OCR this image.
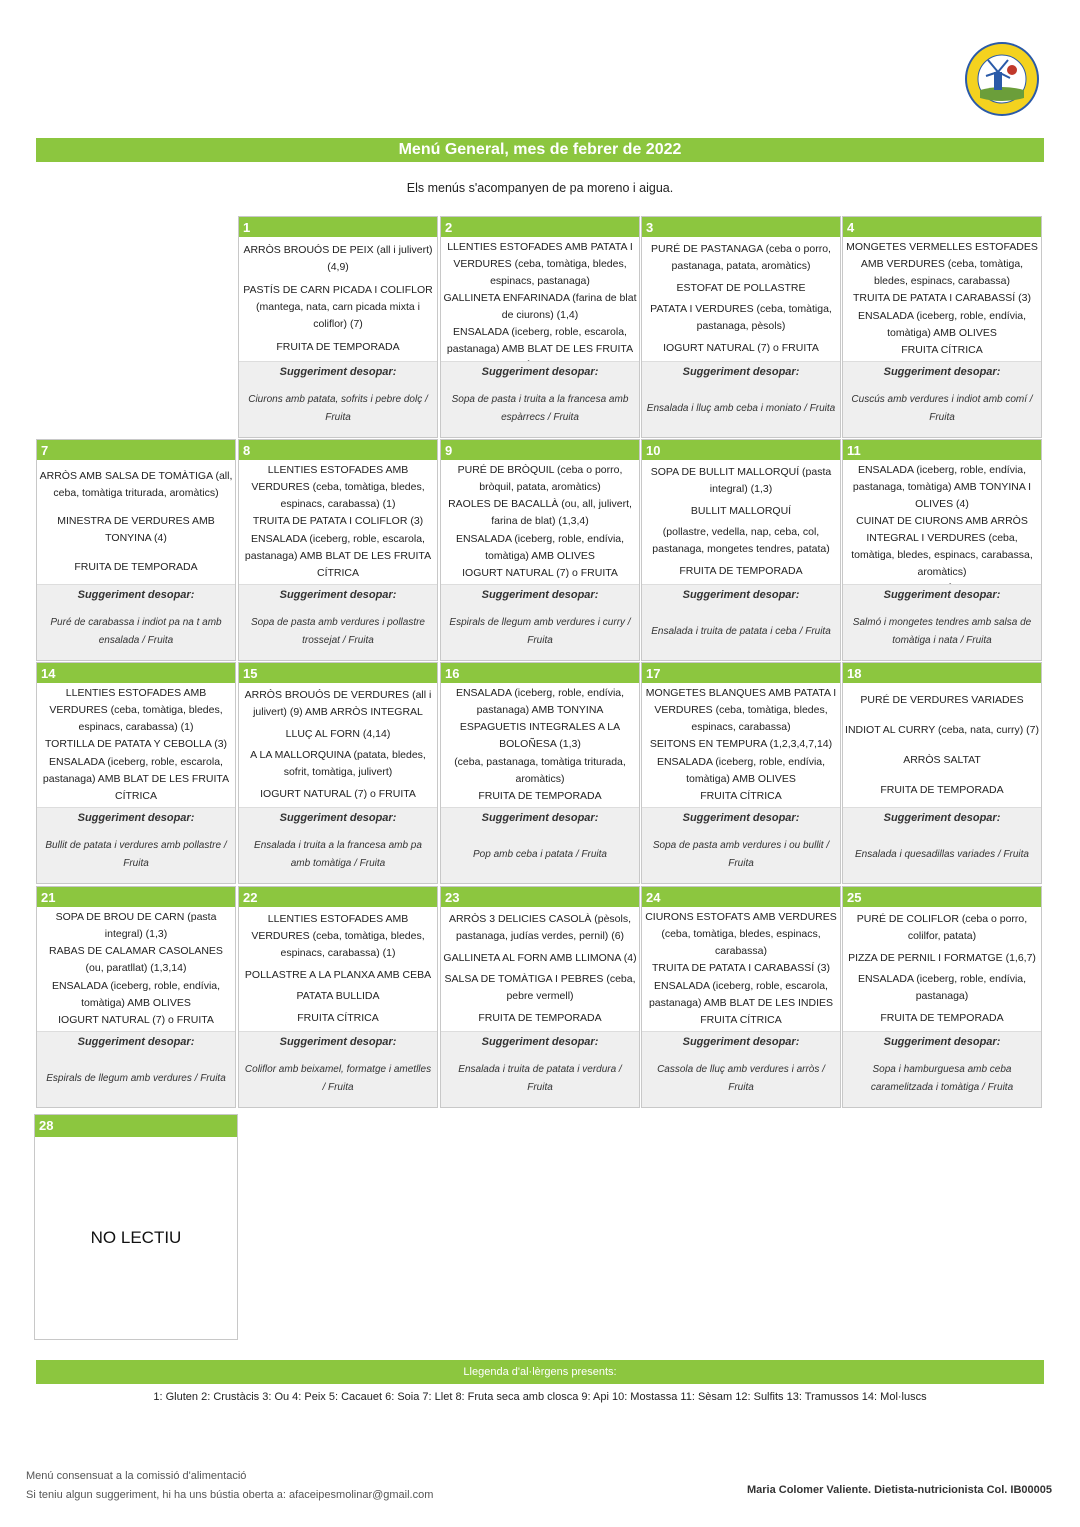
Menú General, mes de febrer de 2022
Els menús s'acompanyen de pa moreno i aigua.
1
ARRÒS BROUÓS DE PEIX (all i julivert) (4,9)
PASTÍS DE CARN PICADA I COLIFLOR (mantega, nata, carn picada mixta i coliflor) (7)
FRUITA DE TEMPORADA
Suggeriment desopar:
Ciurons amb patata, sofrits i pebre dolç / Fruita
2
LLENTIES ESTOFADES AMB PATATA I VERDURES (ceba, tomàtiga, bledes, espinacs, pastanaga)
GALLINETA ENFARINADA (farina de blat de ciurons) (1,4)
ENSALADA (iceberg, roble, escarola, pastanaga) AMB BLAT DE LES FRUITA
Suggeriment desopar:
Sopa de pasta i truita a la francesa amb espàrrecs / Fruita
3
PURÉ DE PASTANAGA (ceba o porro, pastanaga, patata, aromàtics)
ESTOFAT DE POLLASTRE
PATATA I VERDURES (ceba, tomàtiga, pastanaga, pèsols)
IOGURT NATURAL (7) o FRUITA
Suggeriment desopar:
Ensalada i lluç amb ceba i moniato / Fruita
4
MONGETES VERMELLES ESTOFADES AMB VERDURES (ceba, tomàtiga, bledes, espinacs, carabassa)
TRUITA DE PATATA I CARABASSÍ (3)
ENSALADA (iceberg, roble, endívia, tomàtiga) AMB OLIVES
FRUITA CÍTRICA
Suggeriment desopar:
Cuscús amb verdures i indiot amb comí / Fruita
7
ARRÒS AMB SALSA DE TOMÀTIGA (all, ceba, tomàtiga triturada, aromàtics)
MINESTRA DE VERDURES AMB TONYINA (4)
FRUITA DE TEMPORADA
Suggeriment desopar:
Puré de carabassa i indiot pa na t amb ensalada / Fruita
8
LLENTIES ESTOFADES AMB VERDURES (ceba, tomàtiga, bledes, espinacs, carabassa) (1)
TRUITA DE PATATA I COLIFLOR (3)
ENSALADA (iceberg, roble, escarola, pastanaga) AMB BLAT DE LES FRUITA CÍTRICA
Suggeriment desopar:
Sopa de pasta amb verdures i pollastre trossejat / Fruita
9
PURÉ DE BRÒQUIL (ceba o porro, bròquil, patata, aromàtics)
RAOLES DE BACALLÀ (ou, all, julivert, farina de blat) (1,3,4)
ENSALADA (iceberg, roble, endívia, tomàtiga) AMB OLIVES
IOGURT NATURAL (7) o FRUITA
Suggeriment desopar:
Espirals de llegum amb verdures i curry / Fruita
10
SOPA DE BULLIT MALLORQUÍ (pasta integral) (1,3)
BULLIT MALLORQUÍ
(pollastre, vedella, nap, ceba, col, pastanaga, mongetes tendres, patata)
FRUITA DE TEMPORADA
Suggeriment desopar:
Ensalada i truita de patata i ceba / Fruita
11
ENSALADA (iceberg, roble, endívia, pastanaga, tomàtiga) AMB TONYINA I OLIVES (4)
CUINAT DE CIURONS AMB ARRÒS INTEGRAL I VERDURES (ceba, tomàtiga, bledes, espinacs, carabassa, aromàtics)
Suggeriment desopar:
Salmó i mongetes tendres amb salsa de tomàtiga i nata / Fruita
14
LLENTIES ESTOFADES AMB VERDURES (ceba, tomàtiga, bledes, espinacs, carabassa) (1)
TORTILLA DE PATATA Y CEBOLLA (3)
ENSALADA (iceberg, roble, escarola, pastanaga) AMB BLAT DE LES FRUITA CÍTRICA
Suggeriment desopar:
Bullit de patata i verdures amb pollastre / Fruita
15
ARRÒS BROUÓS DE VERDURES (all i julivert) (9) AMB ARRÒS INTEGRAL
LLUÇ AL FORN (4,14)
A LA MALLORQUINA (patata, bledes, sofrit, tomàtiga, julivert)
IOGURT NATURAL (7) o FRUITA
Suggeriment desopar:
Ensalada i truita a la francesa amb pa amb tomàtiga / Fruita
16
ENSALADA (iceberg, roble, endívia, pastanaga) AMB TONYINA
ESPAGUETIS INTEGRALES A LA BOLOÑESA (1,3)
(ceba, pastanaga, tomàtiga triturada, aromàtics)
FRUITA DE TEMPORADA
Suggeriment desopar:
Pop amb ceba i patata / Fruita
17
MONGETES BLANQUES AMB PATATA I VERDURES (ceba, tomàtiga, bledes, espinacs, carabassa)
SEITONS EN TEMPURA (1,2,3,4,7,14)
ENSALADA (iceberg, roble, endívia, tomàtiga) AMB OLIVES
FRUITA CÍTRICA
Suggeriment desopar:
Sopa de pasta amb verdures i ou bullit / Fruita
18
PURÉ DE VERDURES VARIADES
INDIOT AL CURRY (ceba, nata, curry) (7)
ARRÒS SALTAT
FRUITA DE TEMPORADA
Suggeriment desopar:
Ensalada i quesadillas variades / Fruita
21
SOPA DE BROU DE CARN (pasta integral) (1,3)
RABAS DE CALAMAR CASOLANES (ou, paratllat) (1,3,14)
ENSALADA (iceberg, roble, endívia, tomàtiga) AMB OLIVES
IOGURT NATURAL (7) o FRUITA
Suggeriment desopar:
Espirals de llegum amb verdures / Fruita
22
LLENTIES ESTOFADES AMB VERDURES (ceba, tomàtiga, bledes, espinacs, carabassa) (1)
POLLASTRE A LA PLANXA AMB CEBA
PATATA BULLIDA
FRUITA CÍTRICA
Suggeriment desopar:
Coliflor amb beixamel, formatge i ametlles / Fruita
23
ARRÒS 3 DELICIES CASOLÀ (pèsols, pastanaga, judías verdes, pernil) (6)
GALLINETA AL FORN AMB LLIMONA (4)
SALSA DE TOMÀTIGA I PEBRES (ceba, pebre vermell)
FRUITA DE TEMPORADA
Suggeriment desopar:
Ensalada i truita de patata i verdura / Fruita
24
CIURONS ESTOFATS AMB VERDURES (ceba, tomàtiga, bledes, espinacs, carabassa)
TRUITA DE PATATA I CARABASSÍ (3)
ENSALADA (iceberg, roble, escarola, pastanaga) AMB BLAT DE LES INDIES
FRUITA CÍTRICA
Suggeriment desopar:
Cassola de lluç amb verdures i arròs / Fruita
25
PURÉ DE COLIFLOR (ceba o porro, colilfor, patata)
PIZZA DE PERNIL I FORMATGE (1,6,7)
ENSALADA (iceberg, roble, endívia, pastanaga)
FRUITA DE TEMPORADA
Suggeriment desopar:
Sopa i hamburguesa amb ceba caramelitzada i tomàtiga / Fruita
28
NO LECTIU
Llegenda d'al·lèrgens presents:
1: Gluten 2: Crustàcis 3: Ou 4: Peix 5: Cacauet 6: Soia 7: Llet 8: Fruta seca amb closca 9: Api 10: Mostassa 11: Sèsam 12: Sulfits 13: Tramussos 14: Mol·luscs
Menú consensuat a la comissió d'alimentació
Si teniu algun suggeriment, hi ha uns bústia oberta a: afaceipesmolinar@gmail.com	Maria Colomer Valiente. Dietista-nutricionista Col. IB00005
